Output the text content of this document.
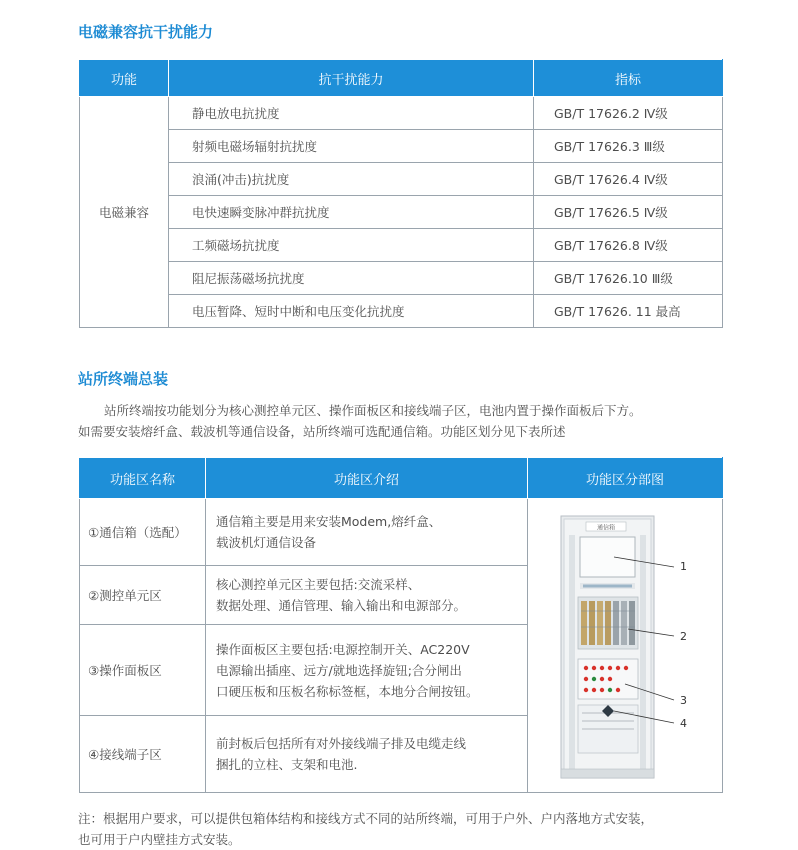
电磁兼容抗干扰能力
功能	抗干扰能力	指标
电磁兼容	静电放电抗扰度	GB/T 17626.2 Ⅳ级
	射频电磁场辐射抗扰度	GB/T 17626.3 Ⅲ级
	浪涌(冲击)抗扰度	GB/T 17626.4 Ⅳ级
	电快速瞬变脉冲群抗扰度	GB/T 17626.5 Ⅳ级
	工频磁场抗扰度	GB/T 17626.8 Ⅳ级
	阻尼振荡磁场抗扰度	GB/T 17626.10 Ⅲ级
	电压暂降、短时中断和电压变化抗扰度	GB/T 17626. 11 最高
站所终端总装

站所终端按功能划分为核心测控单元区、操作面板区和接线端子区，电池内置于操作面板后下方。
如需要安装熔纤盒、载波机等通信设备，站所终端可选配通信箱。功能区划分见下表所述

功能区名称	功能区介绍	功能区分部图
①通信箱（选配）	通信箱主要是用来安装Modem,熔纤盒、
载波机灯通信设备	通信箱
1
2
3
4

②测控单元区	核心测控单元区主要包括:交流采样、
数据处理、通信管理、输入输出和电源部分。	

③操作面板区	操作面板区主要包括:电源控制开关、AC220V
电源输出插座、远方/就地选择旋钮;合分闸出
口硬压板和压板名称标签框，本地分合闸按钮。	

④接线端子区	前封板后包括所有对外接线端子排及电缆走线
捆扎的立柱、支架和电池.	

注：根据用户要求，可以提供包箱体结构和接线方式不同的站所终端，可用于户外、户内落地方式安装，
也可用于户内壁挂方式安装。
